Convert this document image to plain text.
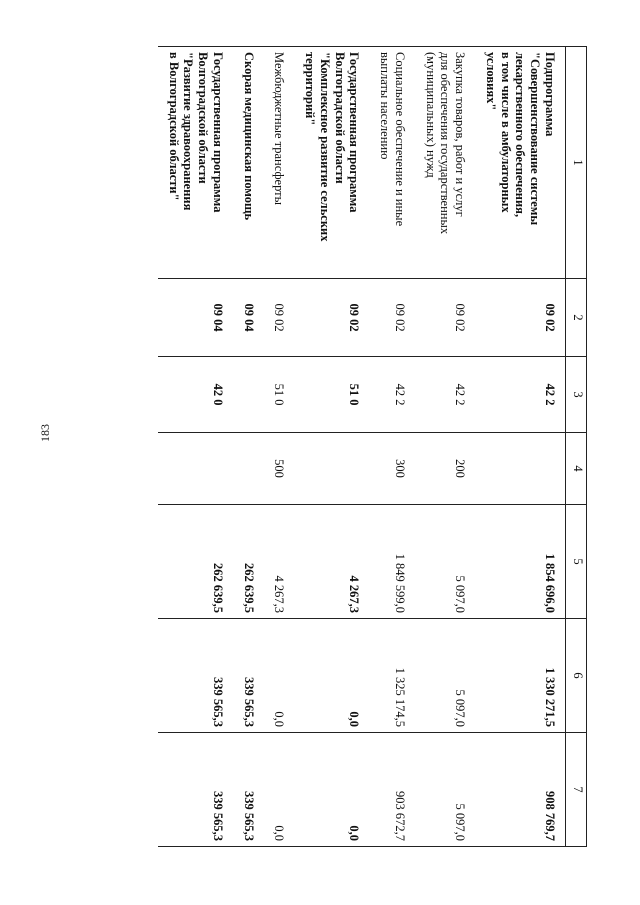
183
1	2	3	4	5	6	7
Подпрограмма
"Совершенствование системы
лекарственного обеспечения,
в том числе в амбулаторных
условиях"	09 02	42 2		1 854 696,0	1 330 271,5	908 769,7
Закупка товаров, работ и услуг
для обеспечения государственных
(муниципальных) нужд	09 02	42 2	200	5 097,0	5 097,0	5 097,0
Социальное обеспечение и иные
выплаты населению	09 02	42 2	300	1 849 599,0	1 325 174,5	903 672,7
Государственная программа
Волгоградской области
"Комплексное развитие сельских
территорий"	09 02	51 0		4 267,3	0,0	0,0
Межбюджетные трансферты	09 02	51 0	500	4 267,3	0,0	0,0
Скорая медицинская помощь	09 04			262 639,5	339 565,3	339 565,3
Государственная программа
Волгоградской области
"Развитие здравоохранения
в Волгоградской области"	09 04	42 0		262 639,5	339 565,3	339 565,3
